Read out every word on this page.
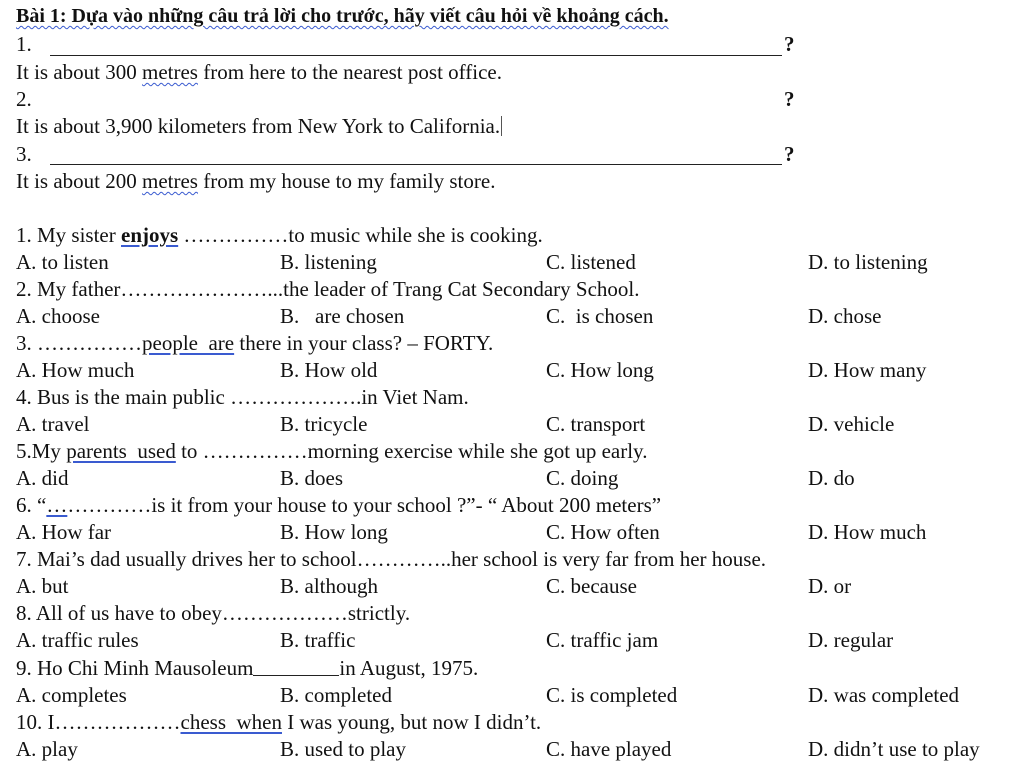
Bài 1: Dựa vào những câu trả lời cho trước, hãy viết câu hỏi về khoảng cách.
1.	?
It is about 300 metres from here to the nearest post office.
2.	?
It is about 3,900 kilometers from New York to California.
3.	?
It is about 200 metres from my house to my family store.
1. My sister enjoys ……………to music while she is cooking.
A. to listen	B. listening	C. listened	D. to listening
2. My father…………………...the leader of Trang Cat Secondary School.
A. choose	B.   are chosen	C.  is chosen	D. chose
3. ……………people  are there in your class? – FORTY.
A. How much	B. How old	C. How long	D. How many
4. Bus is the main public ……………….in Viet Nam.
A. travel	B. tricycle	C. transport	D. vehicle
5.My parents  used to ……………morning exercise while she got up early.
A. did	B. does	C. doing	D. do
6. “……………is it from your house to your school ?”- “ About 200 meters”
A. How far	B. How long	C. How often	D. How much
7. Mai’s dad usually drives her to school…………..her school is very far from her house.
A. but	B. although	C. because	D. or
8. All of us have to obey………………strictly.
A. traffic rules	B. traffic	C. traffic jam	D. regular
9. Ho Chi Minh Mausoleum	in August, 1975.
A. completes	B. completed	C. is completed	D. was completed
10. I………………chess  when I was young, but now I didn’t.
A. play	B. used to play	C. have played	D. didn’t use to play
